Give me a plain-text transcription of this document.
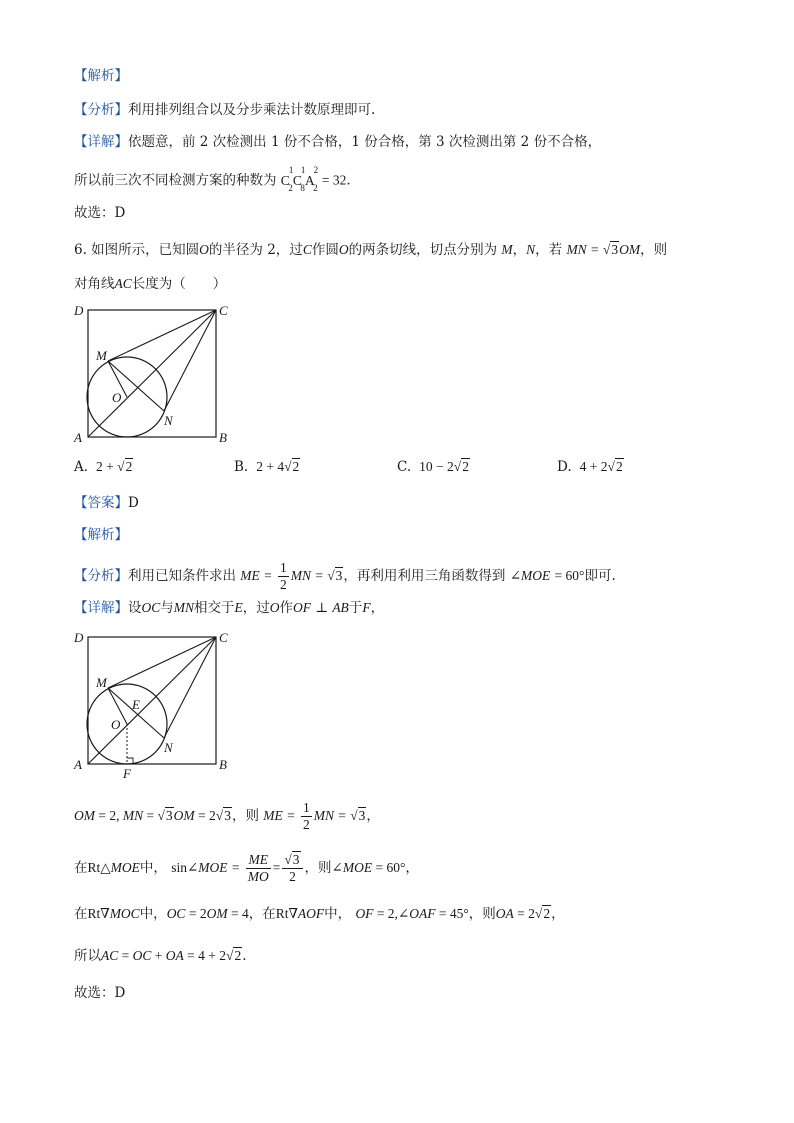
【解析】
【分析】利用排列组合以及分步乘法计数原理即可.
【详解】依题意，前 2 次检测出 1 份不合格，1 份合格，第 3 次检测出第 2 份不合格，
所以前三次不同检测方案的种数为 $C^1_2C^1_8A^2_2 = 32$.
故选：D
6. 如图所示，已知圆O的半径为 2，过C作圆O的两条切线，切点分别为 M，N，若 MN = √3OM，则
对角线AC长度为（　　）
D	C
A	B
M
N
O
A. 2 + √2	B. 2 + 4√2	C. 10 − 2√2	D. 4 + 2√2
【答案】D
【解析】
【分析】利用已知条件求出 ME = $\frac{1}{2}$ MN = √3，再利用利用三角函数得到 ∠MOE = 60°即可.
【详解】设OC与MN相交于E，过O作OF ⊥ AB于F，
D	C
A	B
M
N
O
E
F
OM = 2, MN = √3OM = 2√3，则 ME = $\frac{1}{2}$ MN = √3，
在Rt△MOE中， sin∠MOE = $\frac{ME}{MO} = \frac{√3}{2}$ ，则∠MOE = 60°，
在Rt∇MOC中，OC = 2OM = 4，在Rt∇AOF中， OF = 2,∠OAF = 45°，则OA = 2√2，
所以AC = OC + OA = 4 + 2√2.
故选：D
